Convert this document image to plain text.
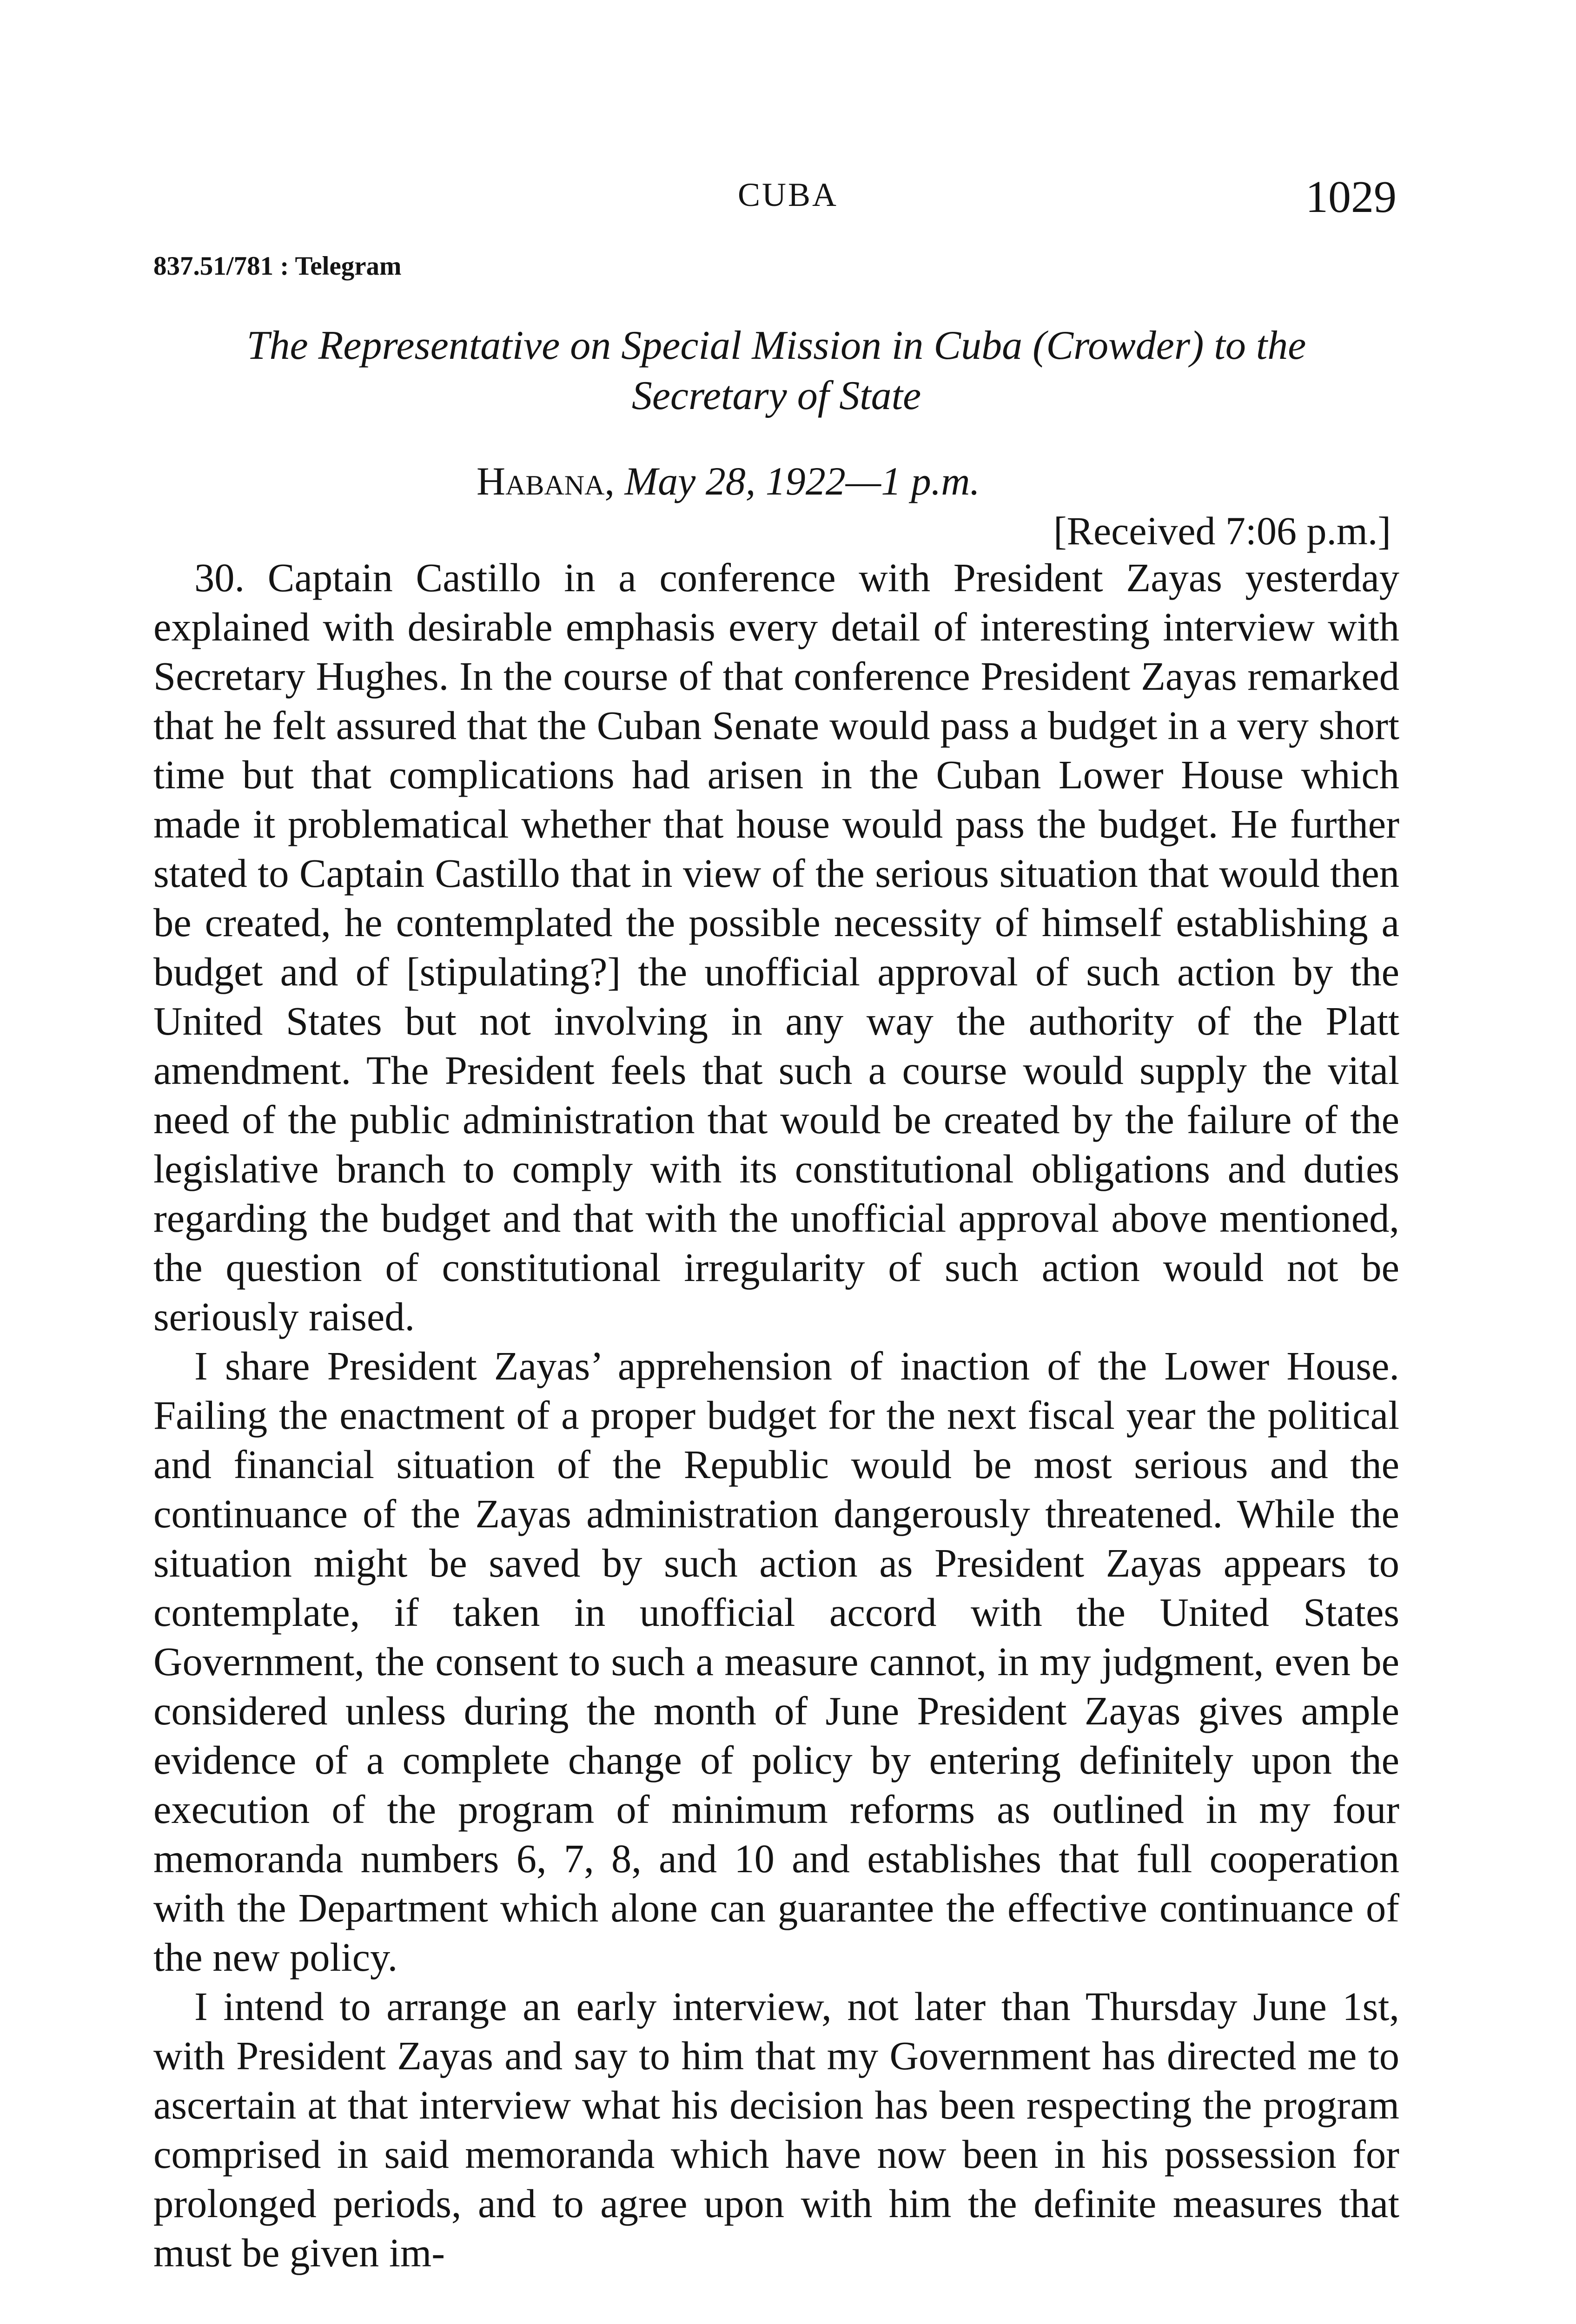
CUBA	1029
837.51/781 : Telegram
The Representative on Special Mission in Cuba (Crowder) to the
Secretary of State
Habana, May 28, 1922—1 p.m.
[Received 7:06 p.m.]

30. Captain Castillo in a conference with President Zayas yesterday explained with desirable emphasis every detail of interesting interview with Secretary Hughes. In the course of that conference President Zayas remarked that he felt assured that the Cuban Senate would pass a budget in a very short time but that complications had arisen in the Cuban Lower House which made it problematical whether that house would pass the budget. He further stated to Captain Castillo that in view of the serious situation that would then be created, he contemplated the possible necessity of himself establishing a budget and of [stipulating?] the unofficial approval of such action by the United States but not involving in any way the authority of the Platt amendment. The President feels that such a course would supply the vital need of the public administration that would be created by the failure of the legislative branch to comply with its constitutional obligations and duties regarding the budget and that with the unofficial approval above mentioned, the question of constitutional irregularity of such action would not be seriously raised.

I share President Zayas’ apprehension of inaction of the Lower House. Failing the enactment of a proper budget for the next fiscal year the political and financial situation of the Republic would be most serious and the continuance of the Zayas administration dangerously threatened. While the situation might be saved by such action as President Zayas appears to contemplate, if taken in unofficial accord with the United States Government, the consent to such a measure cannot, in my judgment, even be considered unless during the month of June President Zayas gives ample evidence of a complete change of policy by entering definitely upon the execution of the program of minimum reforms as outlined in my four memoranda numbers 6, 7, 8, and 10 and establishes that full cooperation with the Department which alone can guarantee the effective continuance of the new policy.

I intend to arrange an early interview, not later than Thursday June 1st, with President Zayas and say to him that my Government has directed me to ascertain at that interview what his decision has been respecting the program comprised in said memoranda which have now been in his possession for prolonged periods, and to agree upon with him the definite measures that must be given im-
